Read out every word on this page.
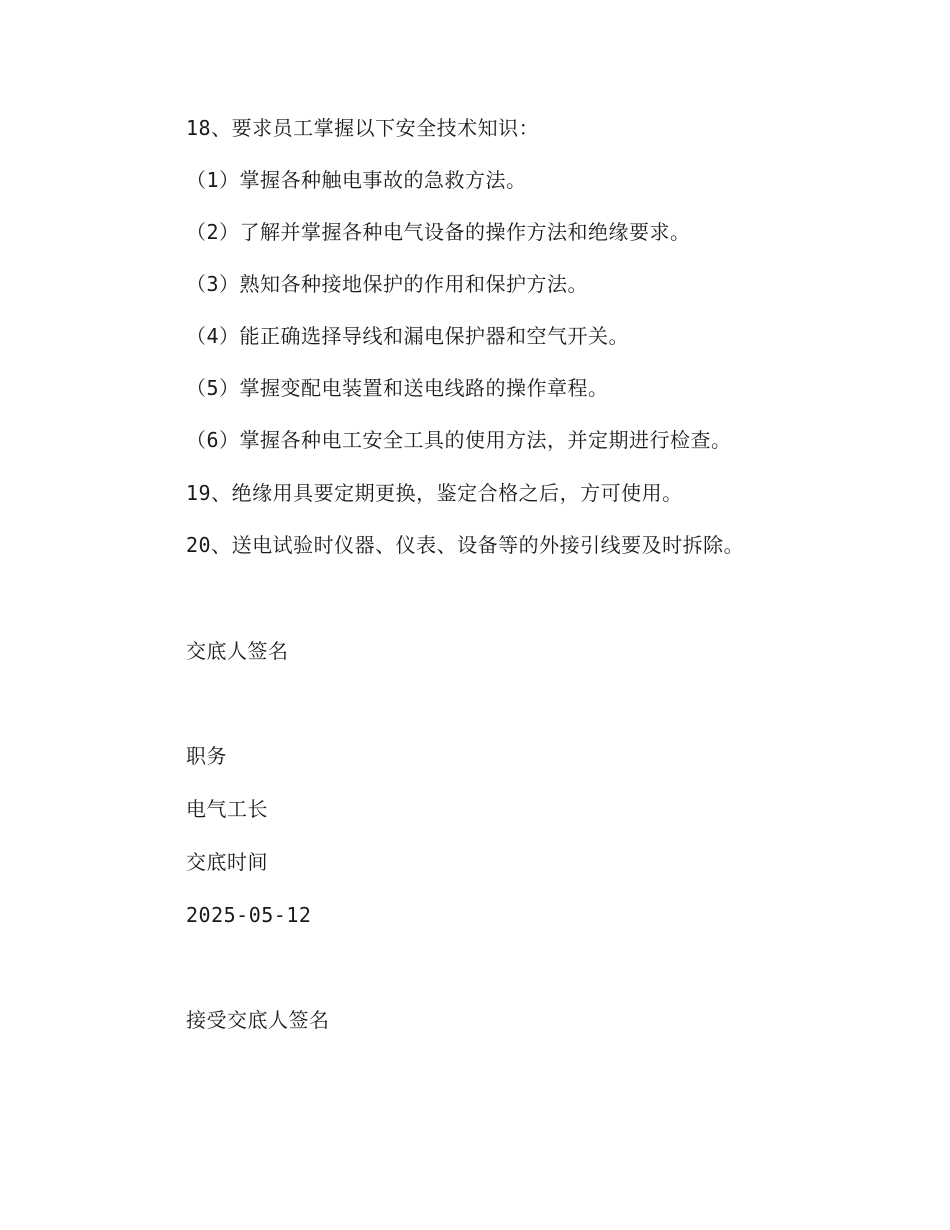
18、要求员工掌握以下安全技术知识：
（1）掌握各种触电事故的急救方法。
（2）了解并掌握各种电气设备的操作方法和绝缘要求。
（3）熟知各种接地保护的作用和保护方法。
（4）能正确选择导线和漏电保护器和空气开关。
（5）掌握变配电装置和送电线路的操作章程。
（6）掌握各种电工安全工具的使用方法，并定期进行检查。
19、绝缘用具要定期更换，鉴定合格之后，方可使用。
20、送电试验时仪器、仪表、设备等的外接引线要及时拆除。
交底人签名
职务
电气工长
交底时间
2025-05-12
接受交底人签名
